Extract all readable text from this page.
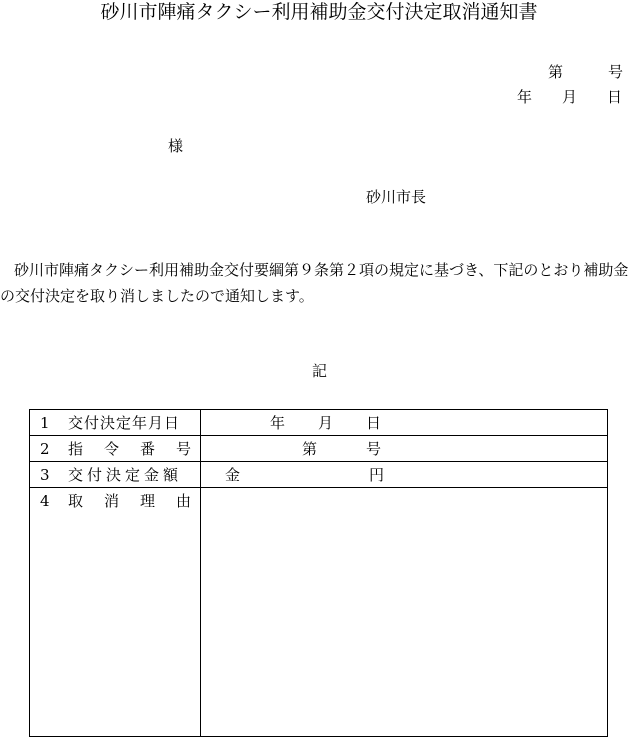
砂川市陣痛タクシー利用補助金交付決定取消通知書
第　　　号
年　　月　　日
様
砂川市長
砂川市陣痛タクシー利用補助金交付要綱第９条第２項の規定に基づき、下記のとおり補助金
の交付決定を取り消しましたので通知します。
記
1 交付決定年月日	年　　月　　日
2 指　令　番　号	第　　　号
3 交付決定金額	金　　　　　　　　円
4 取　消　理　由
